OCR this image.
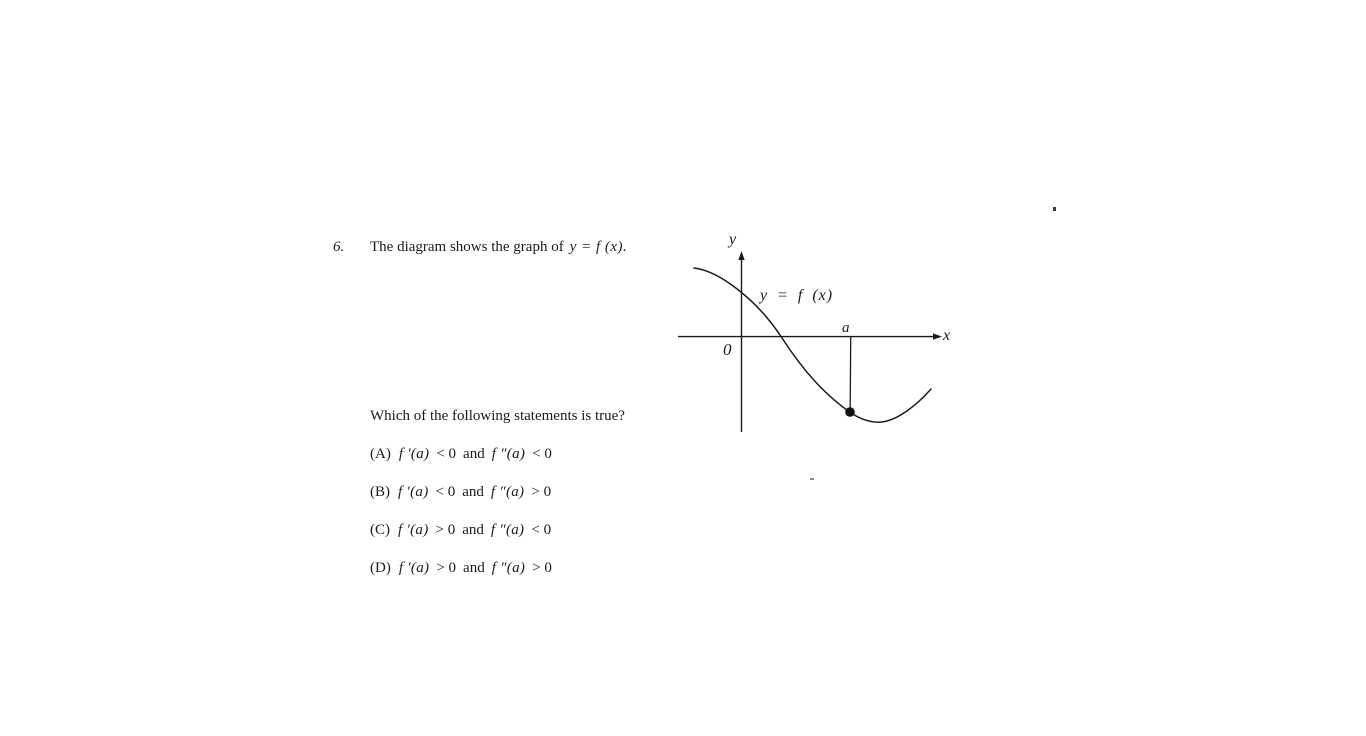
6. The diagram shows the graph of y = f (x).	y
x
0
a
y = f (x)
Which of the following statements is true?
(A) f ′(a) < 0 and f ″(a) < 0
(B) f ′(a) < 0 and f ″(a) > 0
(C) f ′(a) > 0 and f ″(a) < 0
(D) f ′(a) > 0 and f ″(a) > 0
